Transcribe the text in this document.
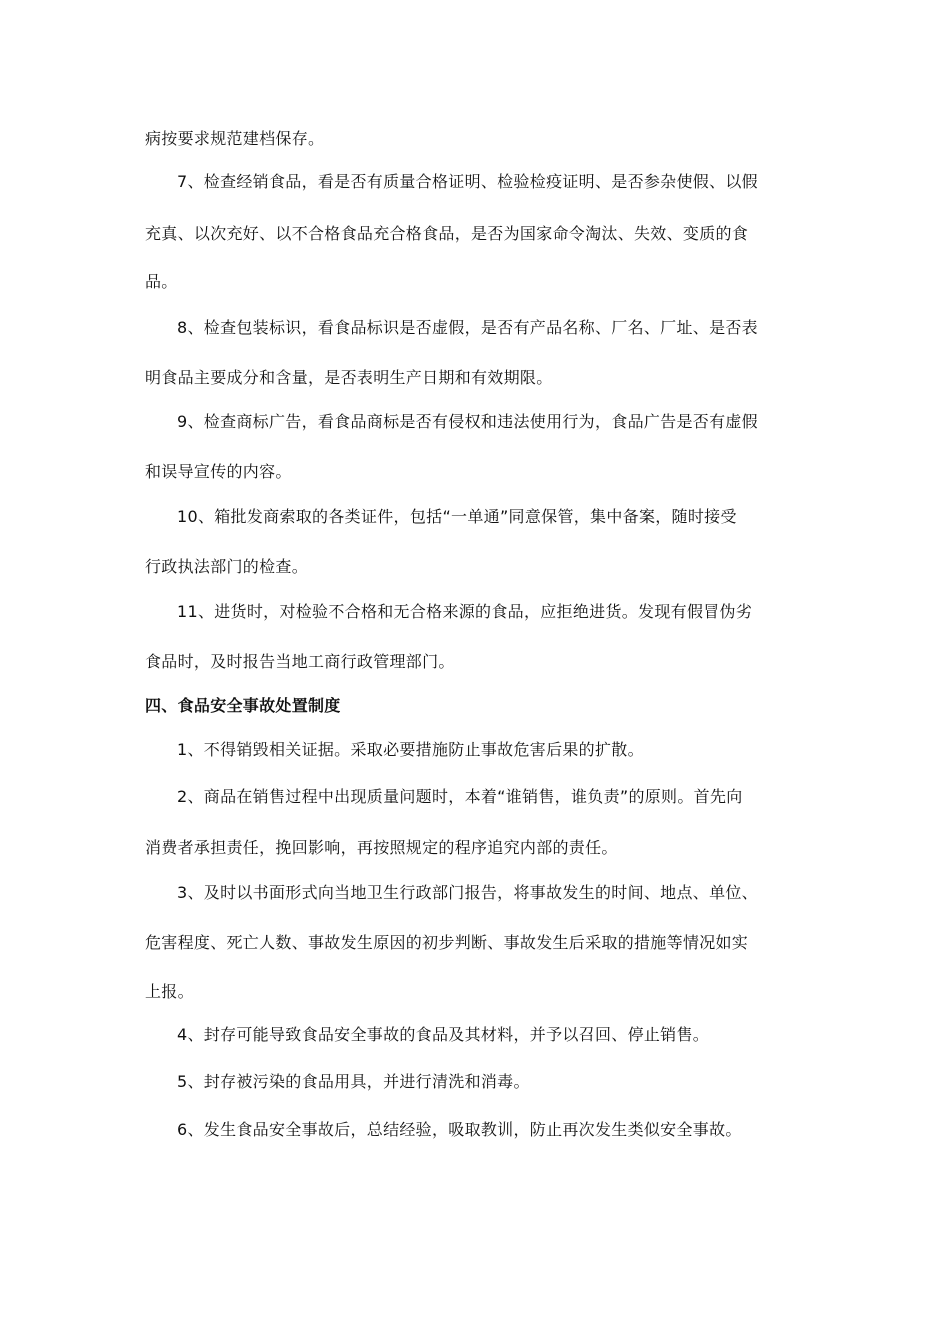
病按要求规范建档保存。
7、检查经销食品，看是否有质量合格证明、检验检疫证明、是否参杂使假、以假
充真、以次充好、以不合格食品充合格食品，是否为国家命令淘汰、失效、变质的食
品。
8、检查包装标识，看食品标识是否虚假，是否有产品名称、厂名、厂址、是否表
明食品主要成分和含量，是否表明生产日期和有效期限。
9、检查商标广告，看食品商标是否有侵权和违法使用行为，食品广告是否有虚假
和误导宣传的内容。
10、箱批发商索取的各类证件，包括“一单通”同意保管，集中备案，随时接受
行政执法部门的检查。
11、进货时，对检验不合格和无合格来源的食品，应拒绝进货。发现有假冒伪劣
食品时，及时报告当地工商行政管理部门。
四、食品安全事故处置制度
1、不得销毁相关证据。采取必要措施防止事故危害后果的扩散。
2、商品在销售过程中出现质量问题时，本着“谁销售，谁负责”的原则。首先向
消费者承担责任，挽回影响，再按照规定的程序追究内部的责任。
3、及时以书面形式向当地卫生行政部门报告，将事故发生的时间、地点、单位、
危害程度、死亡人数、事故发生原因的初步判断、事故发生后采取的措施等情况如实
上报。
4、封存可能导致食品安全事故的食品及其材料，并予以召回、停止销售。
5、封存被污染的食品用具，并进行清洗和消毒。
6、发生食品安全事故后，总结经验，吸取教训，防止再次发生类似安全事故。
